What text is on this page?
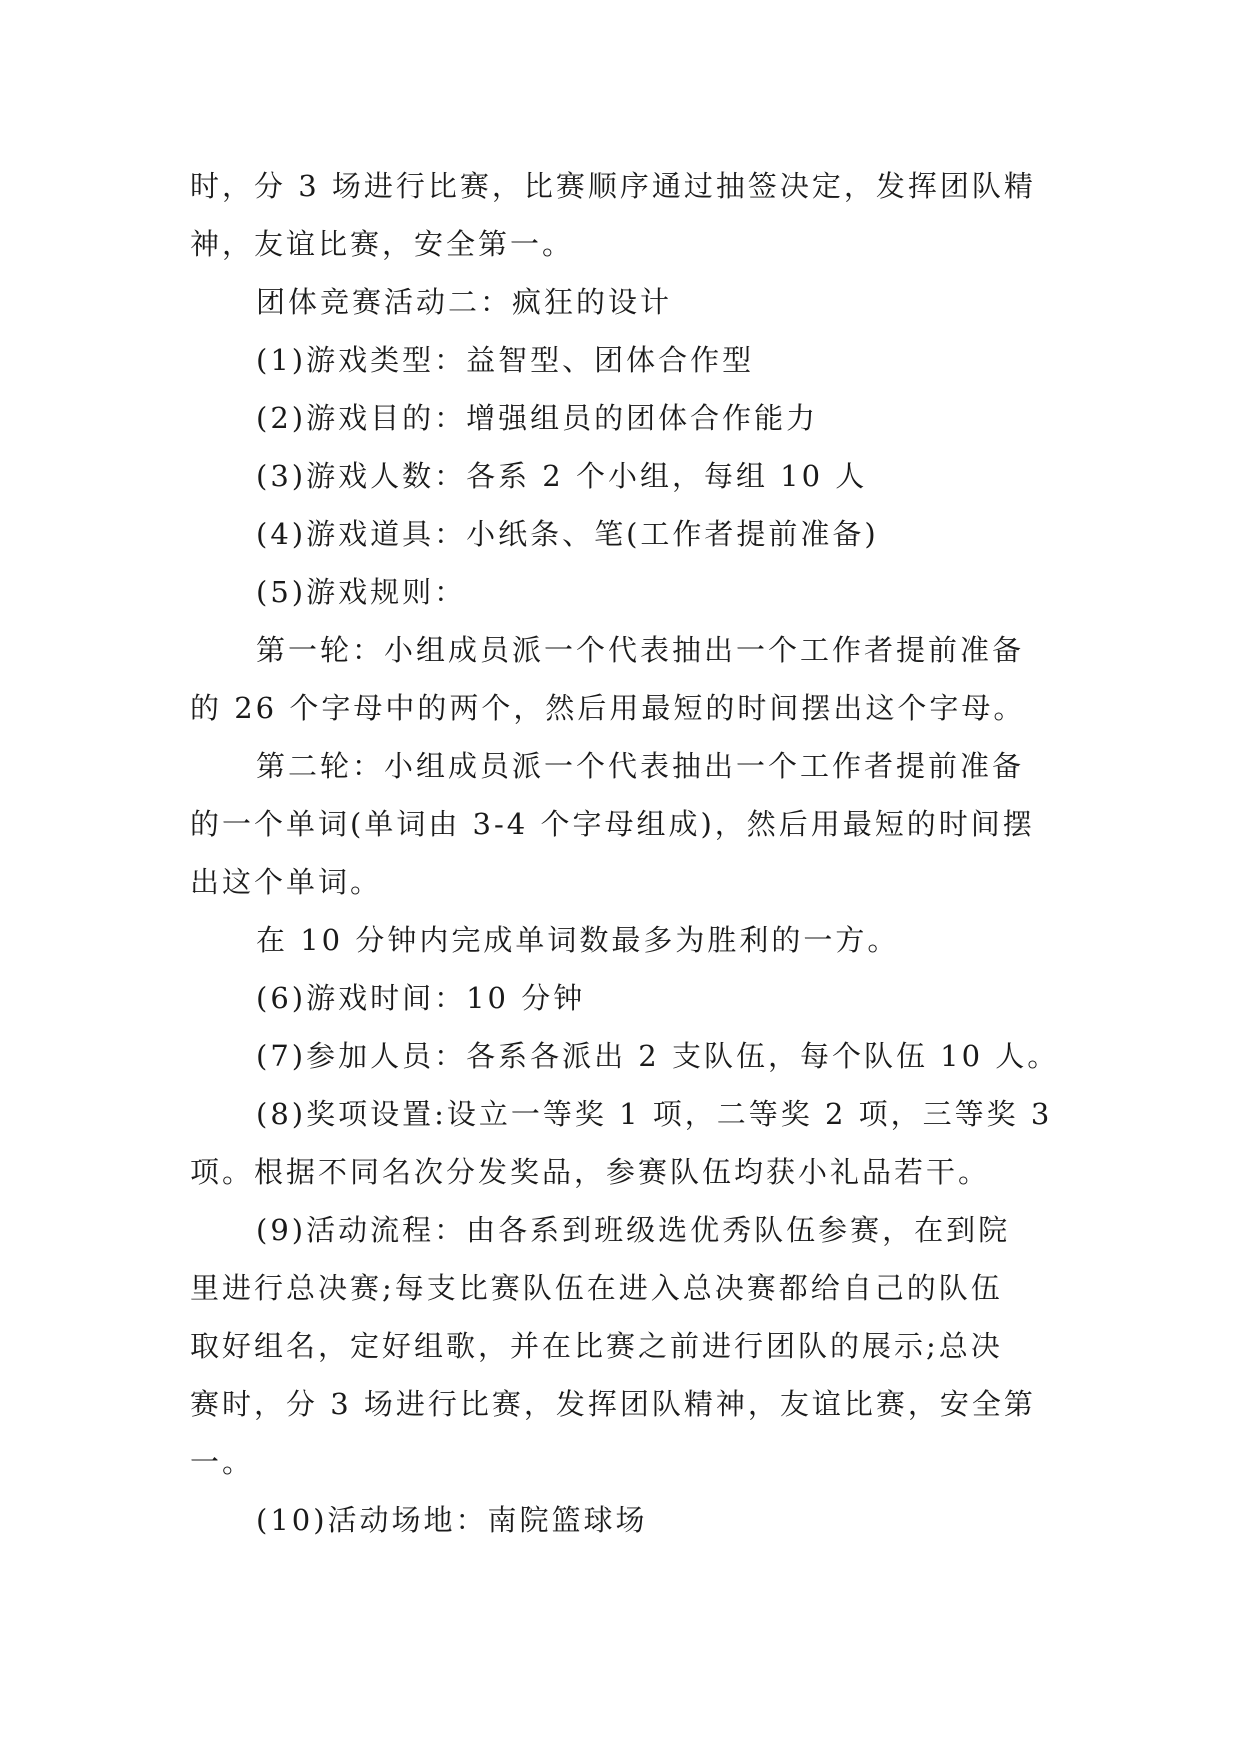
时，分 3 场进行比赛，比赛顺序通过抽签决定，发挥团队精
神，友谊比赛，安全第一。
团体竞赛活动二：疯狂的设计
(1)游戏类型：益智型、团体合作型
(2)游戏目的：增强组员的团体合作能力
(3)游戏人数：各系 2 个小组，每组 10 人
(4)游戏道具：小纸条、笔(工作者提前准备)
(5)游戏规则：
第一轮：小组成员派一个代表抽出一个工作者提前准备
的 26 个字母中的两个，然后用最短的时间摆出这个字母。
第二轮：小组成员派一个代表抽出一个工作者提前准备
的一个单词(单词由 3-4 个字母组成)，然后用最短的时间摆
出这个单词。
在 10 分钟内完成单词数最多为胜利的一方。
(6)游戏时间：10 分钟
(7)参加人员：各系各派出 2 支队伍，每个队伍 10 人。
(8)奖项设置:设立一等奖 1 项，二等奖 2 项，三等奖 3
项。根据不同名次分发奖品，参赛队伍均获小礼品若干。
(9)活动流程：由各系到班级选优秀队伍参赛，在到院
里进行总决赛;每支比赛队伍在进入总决赛都给自己的队伍
取好组名，定好组歌，并在比赛之前进行团队的展示;总决
赛时，分 3 场进行比赛，发挥团队精神，友谊比赛，安全第
一。
(10)活动场地：南院篮球场
